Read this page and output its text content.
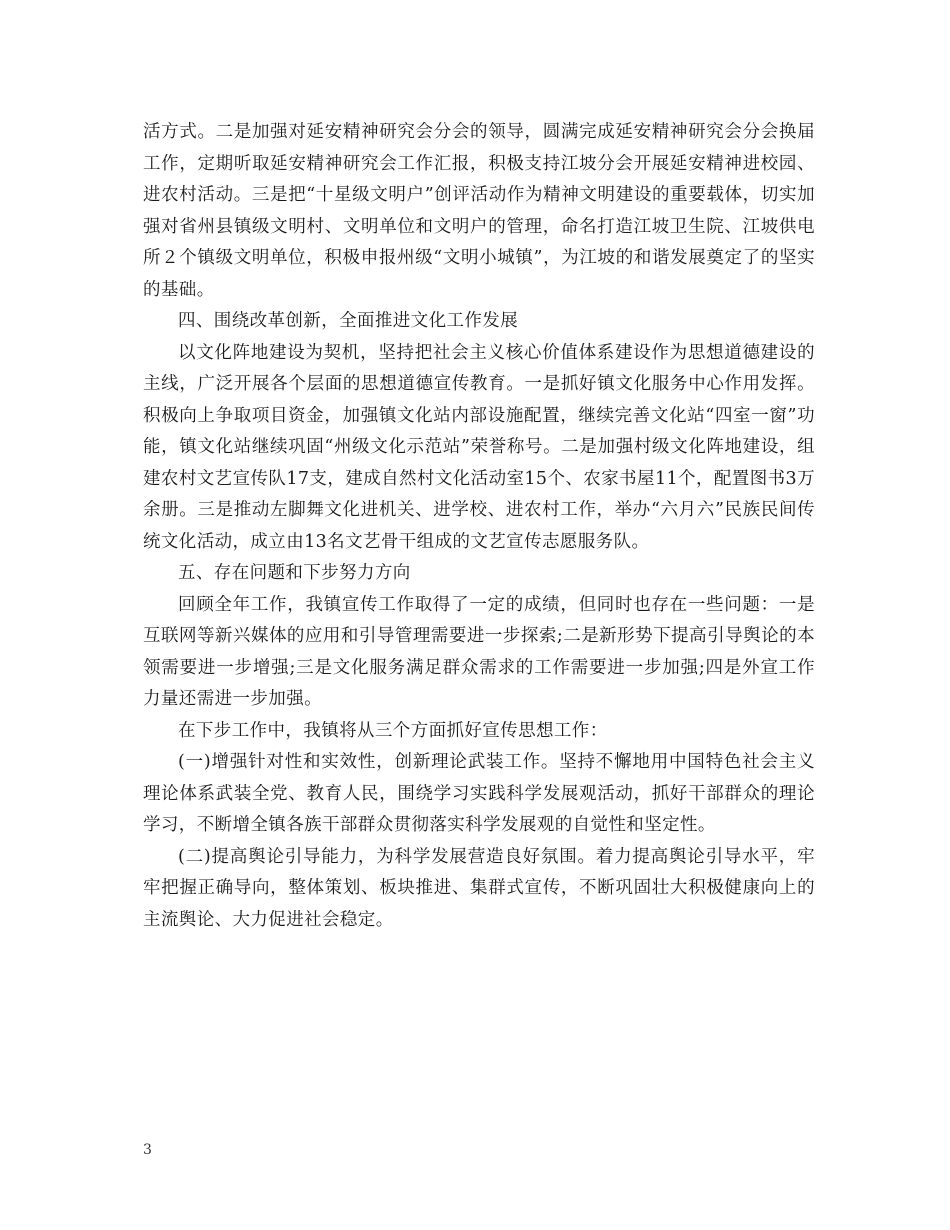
活方式。二是加强对延安精神研究会分会的领导，圆满完成延安精神研究会分会换届工作，定期听取延安精神研究会工作汇报，积极支持江坡分会开展延安精神进校园、进农村活动。三是把“十星级文明户”创评活动作为精神文明建设的重要载体，切实加强对省州县镇级文明村、文明单位和文明户的管理，命名打造江坡卫生院、江坡供电所２个镇级文明单位，积极申报州级“文明小城镇”，为江坡的和谐发展奠定了的坚实的基础。

四、围绕改革创新，全面推进文化工作发展

以文化阵地建设为契机，坚持把社会主义核心价值体系建设作为思想道德建设的主线，广泛开展各个层面的思想道德宣传教育。一是抓好镇文化服务中心作用发挥。积极向上争取项目资金，加强镇文化站内部设施配置，继续完善文化站“四室一窗”功能，镇文化站继续巩固“州级文化示范站”荣誉称号。二是加强村级文化阵地建设，组建农村文艺宣传队17支，建成自然村文化活动室15个、农家书屋11个，配置图书3万余册。三是推动左脚舞文化进机关、进学校、进农村工作，举办“六月六”民族民间传统文化活动，成立由13名文艺骨干组成的文艺宣传志愿服务队。

五、存在问题和下步努力方向

回顾全年工作，我镇宣传工作取得了一定的成绩，但同时也存在一些问题：一是互联网等新兴媒体的应用和引导管理需要进一步探索;二是新形势下提高引导舆论的本领需要进一步增强;三是文化服务满足群众需求的工作需要进一步加强;四是外宣工作力量还需进一步加强。

在下步工作中，我镇将从三个方面抓好宣传思想工作：

(一)增强针对性和实效性，创新理论武装工作。坚持不懈地用中国特色社会主义理论体系武装全党、教育人民，围绕学习实践科学发展观活动，抓好干部群众的理论学习，不断增全镇各族干部群众贯彻落实科学发展观的自觉性和坚定性。

(二)提高舆论引导能力，为科学发展营造良好氛围。着力提高舆论引导水平，牢牢把握正确导向，整体策划、板块推进、集群式宣传，不断巩固壮大积极健康向上的主流舆论、大力促进社会稳定。

3
